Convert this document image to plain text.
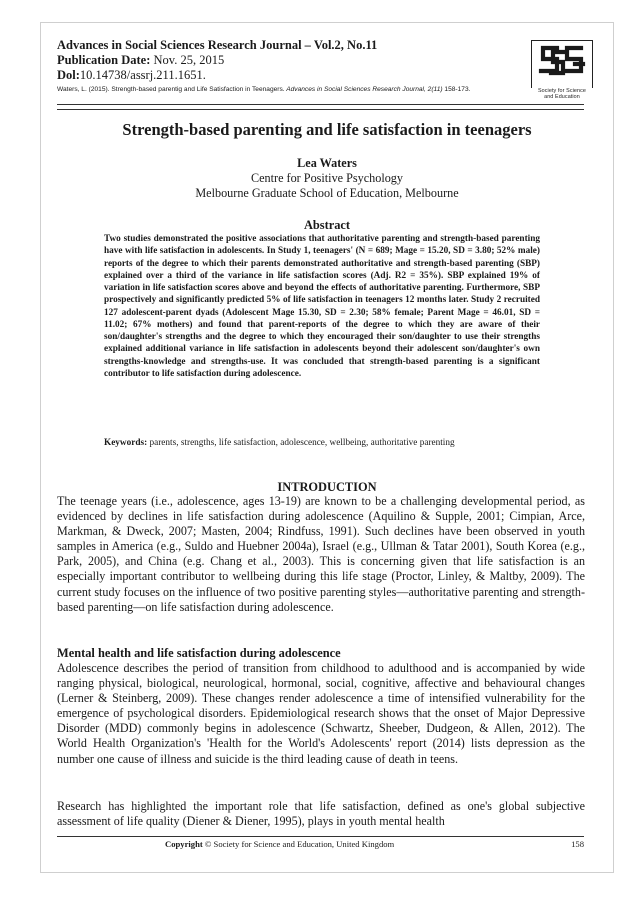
Advances in Social Sciences Research Journal – Vol.2, No.11
Publication Date: Nov. 25, 2015
Dol:10.14738/assrj.211.1651.
Waters, L. (2015). Strength-based parentig and Life Satisfaction in Teenagers. Advances in Social Sciences Research Journal, 2(11) 158-173.	Society for Science
and Education
Strength-based parenting and life satisfaction in teenagers
Lea Waters
Centre for Positive Psychology
Melbourne Graduate School of Education, Melbourne
Abstract
Two studies demonstrated the positive associations that authoritative parenting and strength-based parenting have with life satisfaction in adolescents. In Study 1, teenagers' (N = 689; Mage = 15.20, SD = 3.80; 52% male) reports of the degree to which their parents demonstrated authoritative and strength-based parenting (SBP) explained over a third of the variance in life satisfaction scores (Adj. R2 = 35%). SBP explained 19% of variation in life satisfaction scores above and beyond the effects of authoritative parenting. Furthermore, SBP prospectively and significantly predicted 5% of life satisfaction in teenagers 12 months later. Study 2 recruited 127 adolescent-parent dyads (Adolescent Mage 15.30, SD = 2.30; 58% female; Parent Mage = 46.01, SD = 11.02; 67% mothers) and found that parent-reports of the degree to which they are aware of their son/daughter's strengths and the degree to which they encouraged their son/daughter to use their strengths explained additional variance in life satisfaction in adolescents beyond their adolescent son/daughter's own strengths-knowledge and strengths-use. It was concluded that strength-based parenting is a significant contributor to life satisfaction during adolescence.
Keywords: parents, strengths, life satisfaction, adolescence, wellbeing, authoritative parenting
INTRODUCTION
The teenage years (i.e., adolescence, ages 13-19) are known to be a challenging developmental period, as evidenced by declines in life satisfaction during adolescence (Aquilino & Supple, 2001; Cimpian, Arce, Markman, & Dweck, 2007; Masten, 2004; Rindfuss, 1991). Such declines have been observed in youth samples in America (e.g., Suldo and Huebner 2004a), Israel (e.g., Ullman & Tatar 2001), South Korea (e.g., Park, 2005), and China (e.g. Chang et al., 2003). This is concerning given that life satisfaction is an especially important contributor to wellbeing during this life stage (Proctor, Linley, & Maltby, 2009). The current study focuses on the influence of two positive parenting styles—authoritative parenting and strength-based parenting—on life satisfaction during adolescence.
Mental health and life satisfaction during adolescence
Adolescence describes the period of transition from childhood to adulthood and is accompanied by wide ranging physical, biological, neurological, hormonal, social, cognitive, affective and behavioural changes (Lerner & Steinberg, 2009). These changes render adolescence a time of intensified vulnerability for the emergence of psychological disorders. Epidemiological research shows that the onset of Major Depressive Disorder (MDD) commonly begins in adolescence (Schwartz, Sheeber, Dudgeon, & Allen, 2012). The World Health Organization's 'Health for the World's Adolescents' report (2014) lists depression as the number one cause of illness and suicide is the third leading cause of death in teens.
Research has highlighted the important role that life satisfaction, defined as one's global subjective assessment of life quality (Diener & Diener, 1995), plays in youth mental health
Copyright © Society for Science and Education, United Kingdom	158
